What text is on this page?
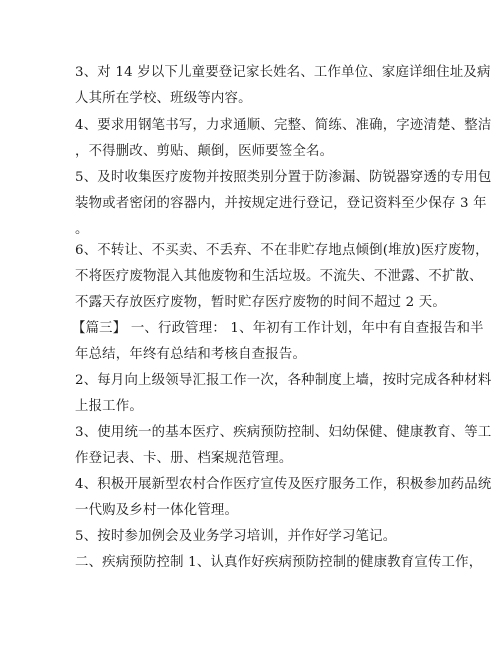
3、对 14 岁以下儿童要登记家长姓名、工作单位、家庭详细住址及病
人其所在学校、班级等内容。
4、要求用钢笔书写，力求通顺、完整、简练、准确，字迹清楚、整洁
，不得删改、剪贴、颠倒，医师要签全名。
5、及时收集医疗废物并按照类别分置于防渗漏、防锐器穿透的专用包
装物或者密闭的容器内，并按规定进行登记，登记资料至少保存 3 年
。
6、不转让、不买卖、不丢弃、不在非贮存地点倾倒(堆放)医疗废物，
不将医疗废物混入其他废物和生活垃圾。不流失、不泄露、不扩散、
不露天存放医疗废物，暂时贮存医疗废物的时间不超过 2 天。
【篇三】 一、行政管理： 1、年初有工作计划，年中有自查报告和半
年总结，年终有总结和考核自查报告。
2、每月向上级领导汇报工作一次，各种制度上墙，按时完成各种材料
上报工作。
3、使用统一的基本医疗、疾病预防控制、妇幼保健、健康教育、等工
作登记表、卡、册、档案规范管理。
4、积极开展新型农村合作医疗宣传及医疗服务工作，积极参加药品统
一代购及乡村一体化管理。
5、按时参加例会及业务学习培训，并作好学习笔记。
二、疾病预防控制 1、认真作好疾病预防控制的健康教育宣传工作，
